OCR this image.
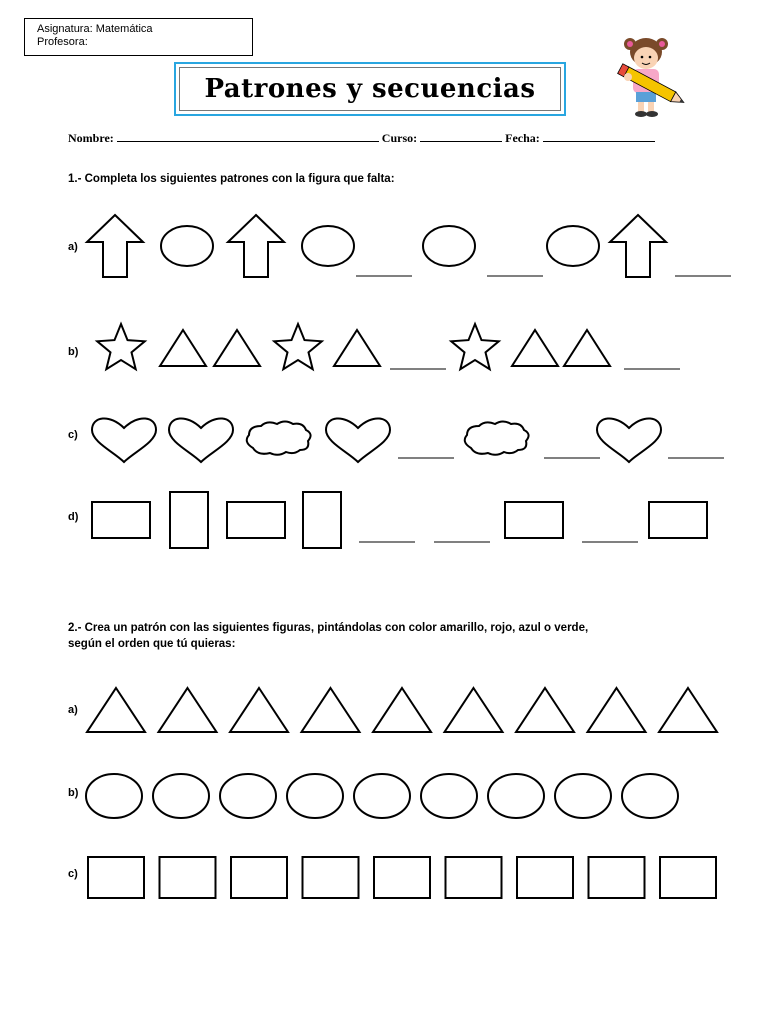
Asignatura: Matemática
Profesora:
Patrones y secuencias
Nombre:	Curso:	Fecha:
1.- Completa los siguientes patrones con la figura que falta:
a)
b)
c)
d)
2.- Crea un patrón con las siguientes figuras, pintándolas con color amarillo, rojo, azul o verde,
según el orden que tú quieras:
a)
b)
c)
